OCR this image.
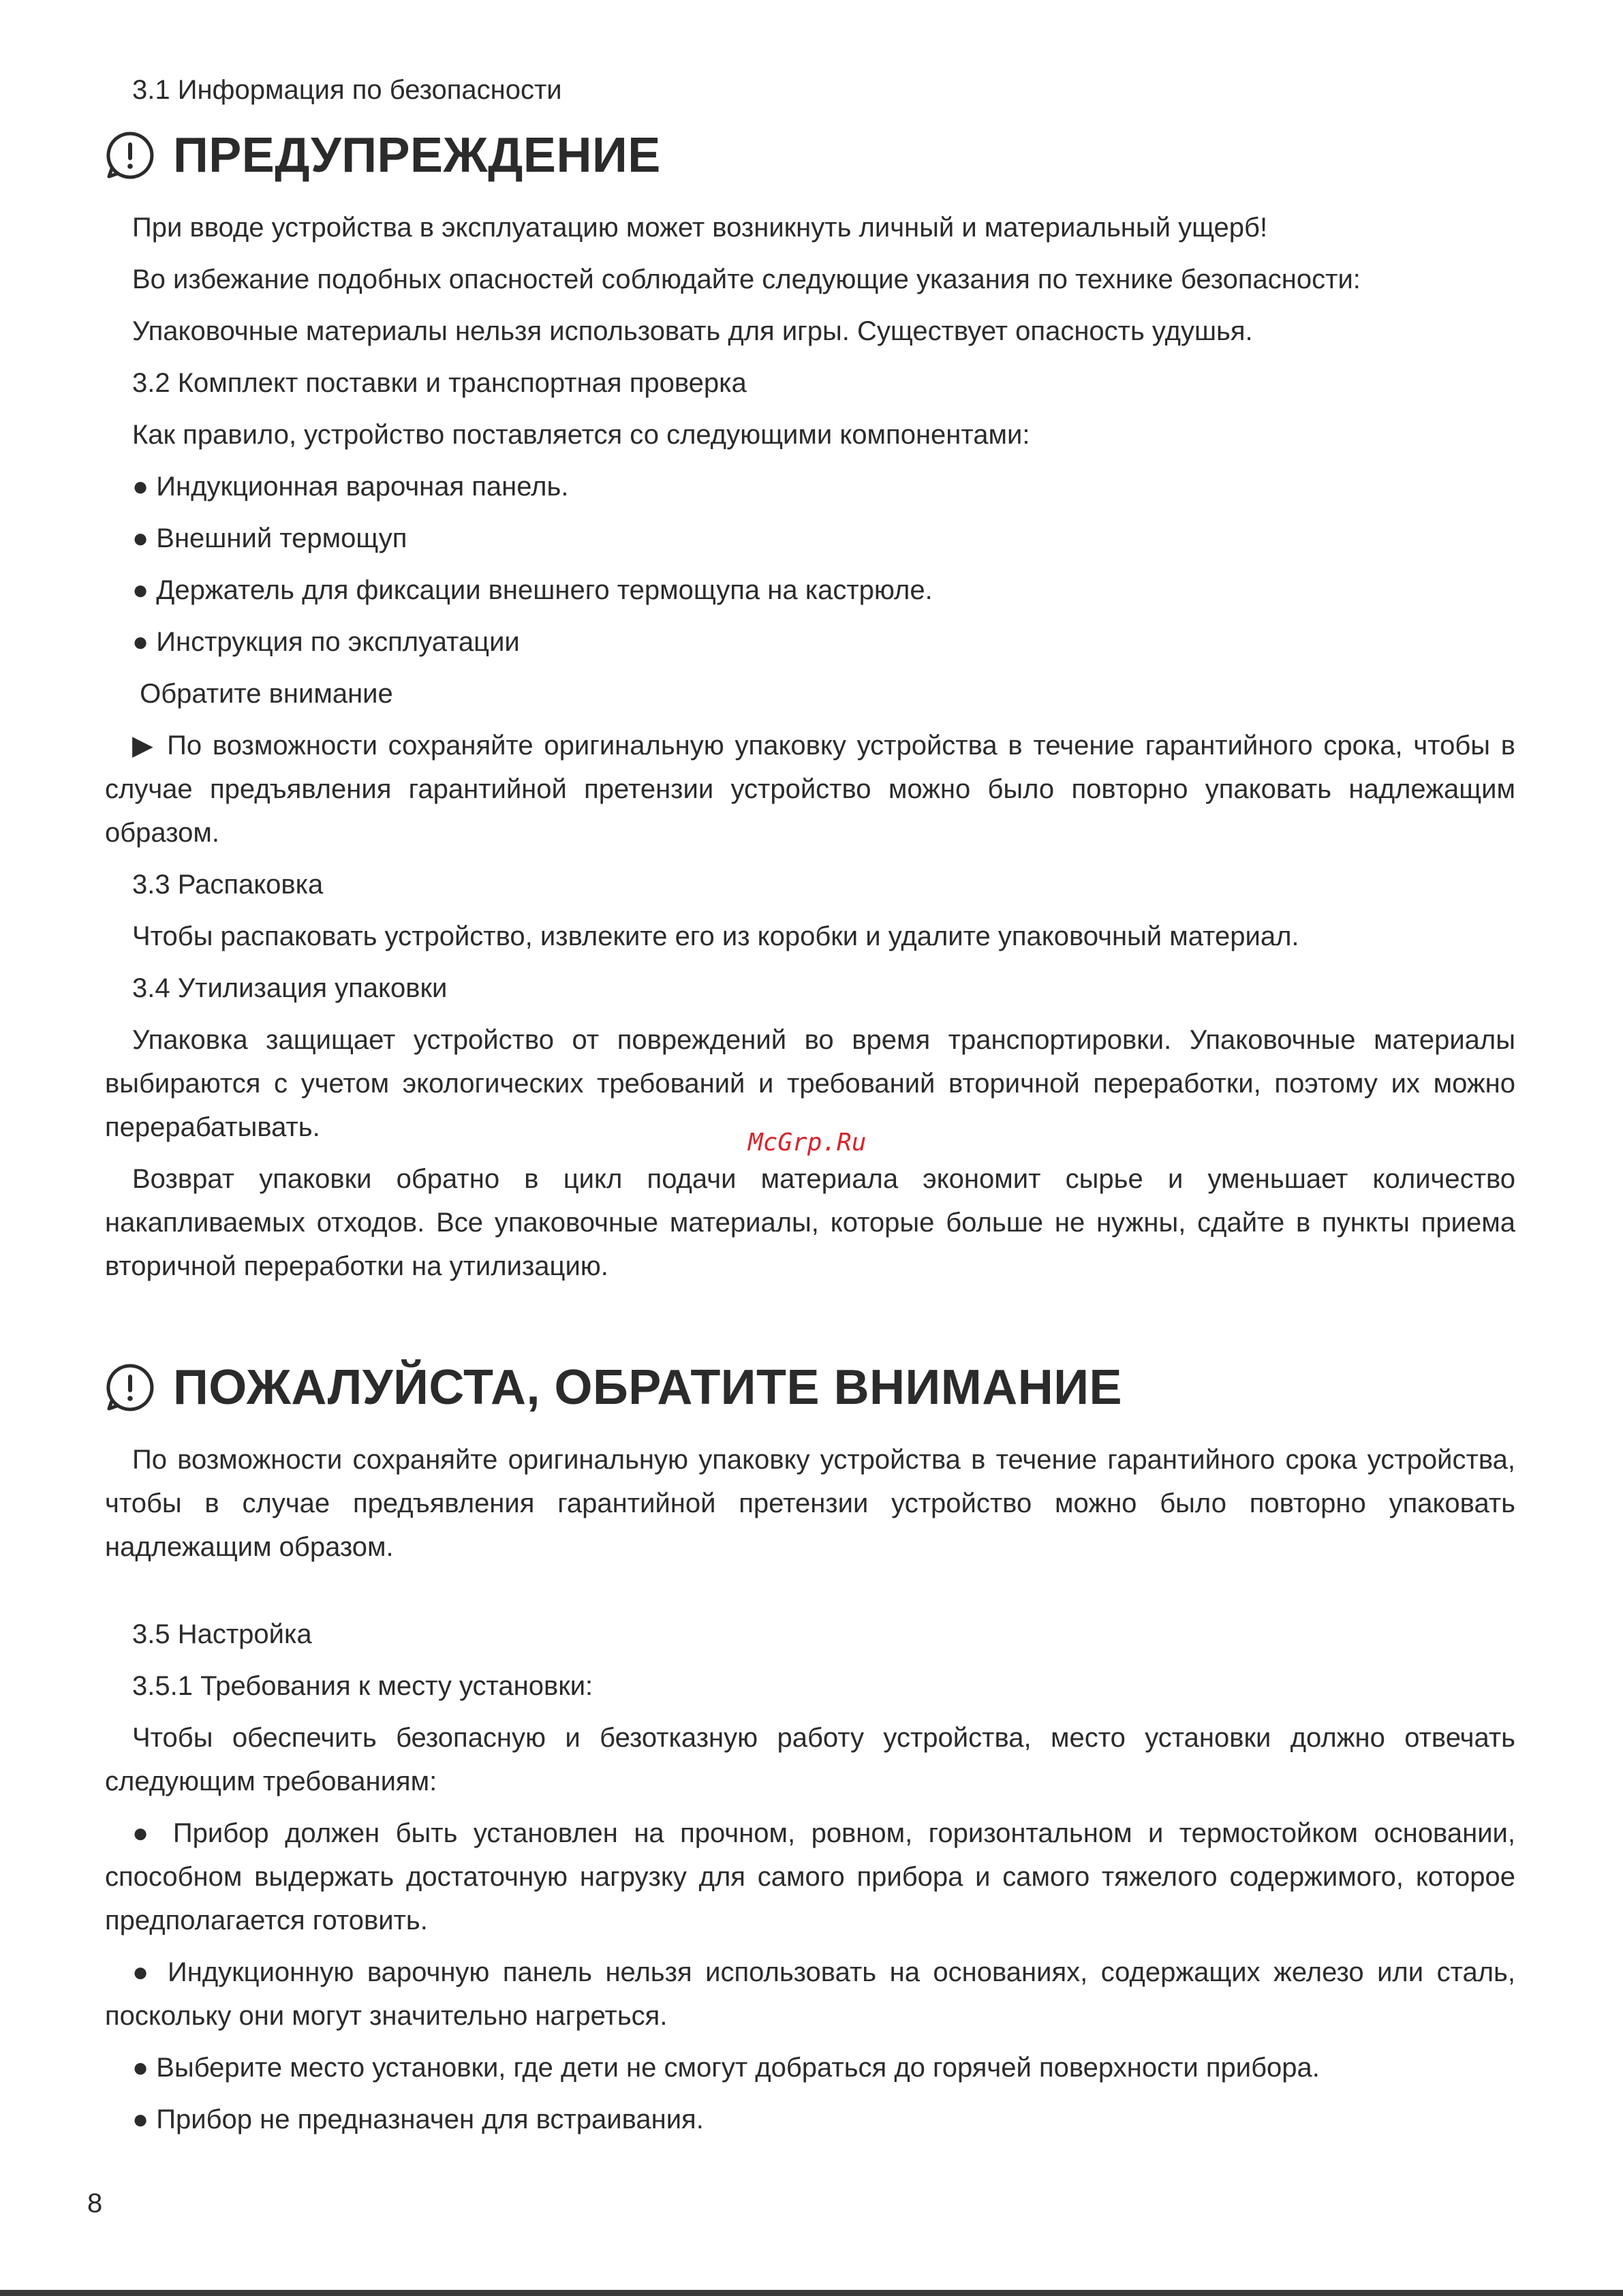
3.1 Информация по безопасности
ПРЕДУПРЕЖДЕНИЕ
При вводе устройства в эксплуатацию может возникнуть личный и материальный ущерб!
Во избежание подобных опасностей соблюдайте следующие указания по технике безопасности:
Упаковочные материалы нельзя использовать для игры. Существует опасность удушья.
3.2 Комплект поставки и транспортная проверка
Как правило, устройство поставляется со следующими компонентами:
● Индукционная варочная панель.
● Внешний термощуп
● Держатель для фиксации внешнего термощупа на кастрюле.
● Инструкция по эксплуатации
Обратите внимание
▶ По возможности сохраняйте оригинальную упаковку устройства в течение гарантийного срока, чтобы в случае предъявления гарантийной претензии устройство можно было повторно упаковать надлежащим образом.
3.3 Распаковка
Чтобы распаковать устройство, извлеките его из коробки и удалите упаковочный материал.
3.4 Утилизация упаковки
Упаковка защищает устройство от повреждений во время транспортировки. Упаковочные материалы выбираются с учетом экологических требований и требований вторичной переработки, поэтому их можно перерабатывать.
Возврат упаковки обратно в цикл подачи материала экономит сырье и уменьшает количество накапливаемых отходов. Все упаковочные материалы, которые больше не нужны, сдайте в пункты приема вторичной переработки на утилизацию.
ПОЖАЛУЙСТА, ОБРАТИТЕ ВНИМАНИЕ
По возможности сохраняйте оригинальную упаковку устройства в течение гарантийного срока устройства, чтобы в случае предъявления гарантийной претензии устройство можно было повторно упаковать надлежащим образом.
3.5 Настройка
3.5.1 Требования к месту установки:
Чтобы обеспечить безопасную и безотказную работу устройства, место установки должно отвечать следующим требованиям:
● Прибор должен быть установлен на прочном, ровном, горизонтальном и термостойком основании, способном выдержать достаточную нагрузку для самого прибора и самого тяжелого содержимого, которое предполагается готовить.
● Индукционную варочную панель нельзя использовать на основаниях, содержащих железо или сталь, поскольку они могут значительно нагреться.
● Выберите место установки, где дети не смогут добраться до горячей поверхности прибора.
● Прибор не предназначен для встраивания.
McGrp.Ru
8
